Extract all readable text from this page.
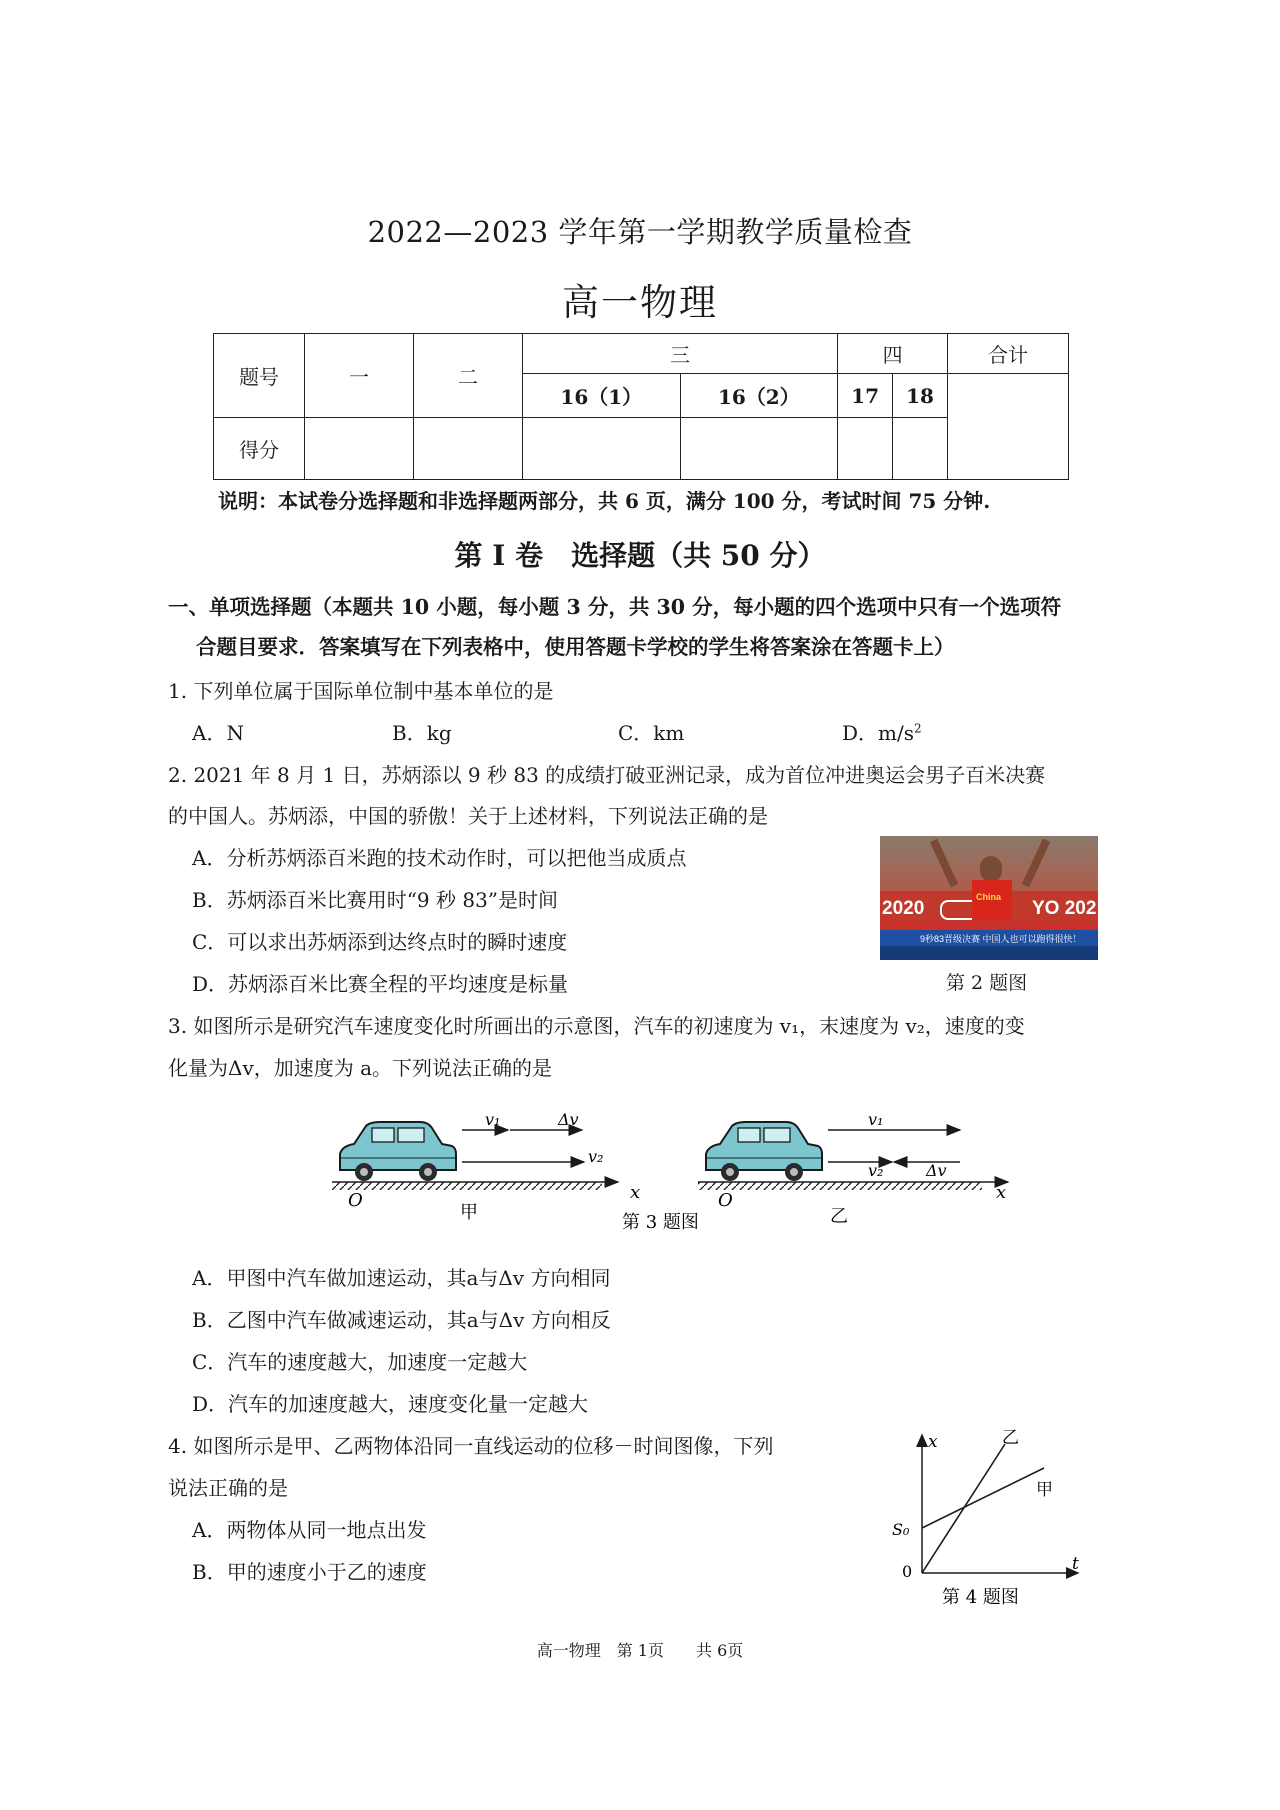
2022—2023 学年第一学期教学质量检查
高一物理
题号	一	二	三		四		合计
			16（1）	16（2）	17	18	
得分							
说明：本试卷分选择题和非选择题两部分，共 6 页，满分 100 分，考试时间 75 分钟.
第 I 卷　选择题（共 50 分）
一、单项选择题（本题共 10 小题，每小题 3 分，共 30 分，每小题的四个选项中只有一个选项符
合题目要求．答案填写在下列表格中，使用答题卡学校的学生将答案涂在答题卡上）
1. 下列单位属于国际单位制中基本单位的是
A．N	B．kg	C．km	D．$m/s^2$
2. 2021 年 8 月 1 日，苏炳添以 9 秒 83 的成绩打破亚洲记录，成为首位冲进奥运会男子百米决赛
的中国人。苏炳添，中国的骄傲！关于上述材料，下列说法正确的是
A．分析苏炳添百米跑的技术动作时，可以把他当成质点
B．苏炳添百米比赛用时“9 秒 83”是时间
C．可以求出苏炳添到达终点时的瞬时速度
D．苏炳添百米比赛全程的平均速度是标量
2020	YO 202
China
9秒83晋级决赛 中国人也可以跑得很快！
第 2 题图
3. 如图所示是研究汽车速度变化时所画出的示意图，汽车的初速度为 v₁，末速度为 v₂，速度的变
化量为Δv，加速度为 a。下列说法正确的是
v₁	Δv
v₂
O	x
甲
v₁
v₂	Δv
O	x
乙
第 3 题图
A．甲图中汽车做加速运动，其a与Δv 方向相同
B．乙图中汽车做减速运动，其a与Δv 方向相反
C．汽车的速度越大，加速度一定越大
D．汽车的加速度越大，速度变化量一定越大
4. 如图所示是甲、乙两物体沿同一直线运动的位移－时间图像，下列
说法正确的是
A．两物体从同一地点出发
B．甲的速度小于乙的速度
x
t
S₀
0
乙
甲
第 4 题图
高一物理 第 1页 共 6页
